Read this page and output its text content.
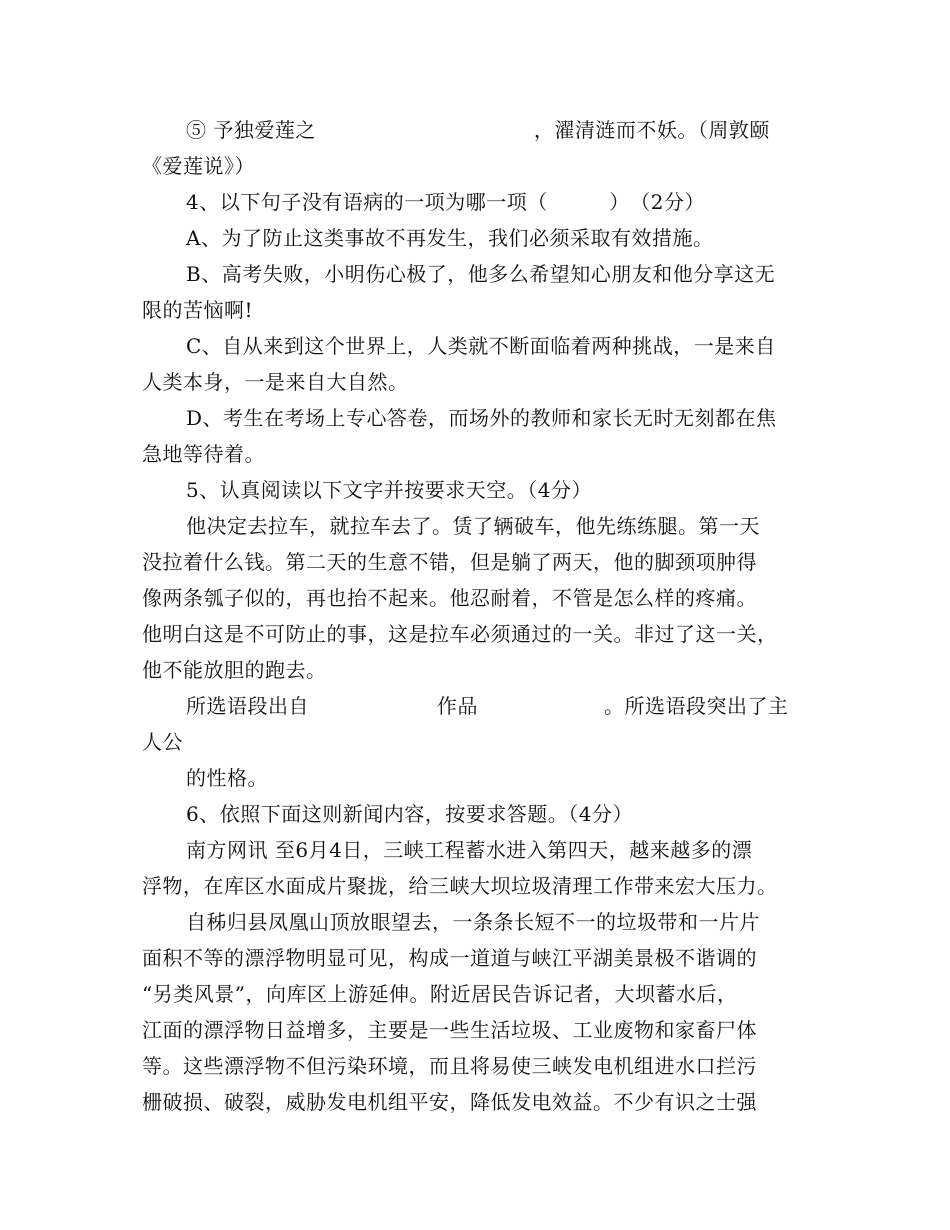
⑤ 予独爱莲之	，濯清涟而不妖。（周敦颐
《爱莲说》）
4、以下句子没有语病的一项为哪一项（　　　）　（2分）
A、为了防止这类事故不再发生，我们必须采取有效措施。
B、高考失败，小明伤心极了，他多么希望知心朋友和他分享这无
限的苦恼啊!
C、自从来到这个世界上，人类就不断面临着两种挑战，一是来自
人类本身，一是来自大自然。
D、考生在考场上专心答卷，而场外的教师和家长无时无刻都在焦
急地等待着。
5、认真阅读以下文字并按要求天空。（4分）
他决定去拉车，就拉车去了。赁了辆破车，他先练练腿。第一天
没拉着什么钱。第二天的生意不错，但是躺了两天，他的脚颈项肿得
像两条瓠子似的，再也抬不起来。他忍耐着，不管是怎么样的疼痛。
他明白这是不可防止的事，这是拉车必须通过的一关。非过了这一关，
他不能放胆的跑去。
所选语段出自	作品	。所选语段突出了主
人公
的性格。
6、依照下面这则新闻内容，按要求答题。（4分）
南方网讯 至6月4日，三峡工程蓄水进入第四天，越来越多的漂
浮物，在库区水面成片聚拢，给三峡大坝垃圾清理工作带来宏大压力。
自秭归县凤凰山顶放眼望去，一条条长短不一的垃圾带和一片片
面积不等的漂浮物明显可见，构成一道道与峡江平湖美景极不谐调的
“另类风景”，向库区上游延伸。附近居民告诉记者，大坝蓄水后，
江面的漂浮物日益增多，主要是一些生活垃圾、工业废物和家畜尸体
等。这些漂浮物不但污染环境，而且将易使三峡发电机组进水口拦污
栅破损、破裂，威胁发电机组平安，降低发电效益。不少有识之士强
